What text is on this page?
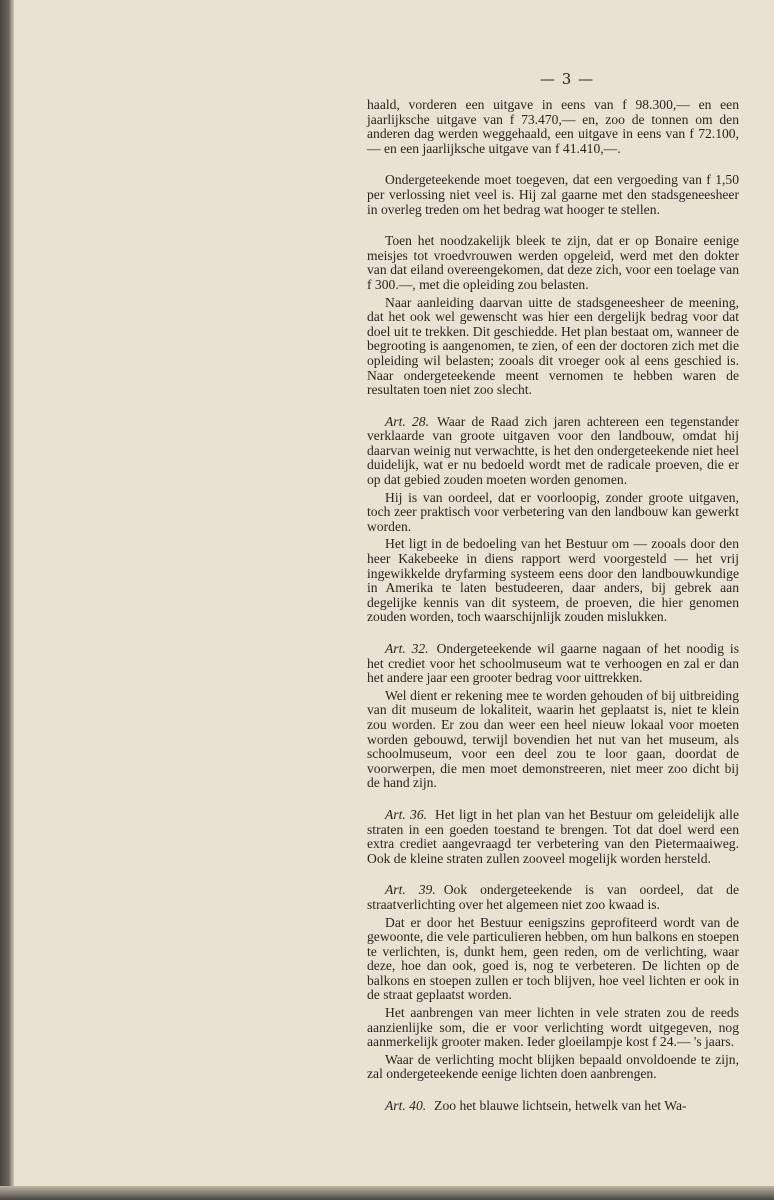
— 3 —

haald, vorderen een uitgave in eens van f 98.300,— en een jaarlijksche uitgave van f 73.470,— en, zoo de tonnen om den anderen dag werden weggehaald, een uitgave in eens van f 72.100,— en een jaarlijksche uitgave van f 41.410,—.

Ondergeteekende moet toegeven, dat een vergoeding van f 1,50 per verlossing niet veel is. Hij zal gaarne met den stadsgeneesheer in overleg treden om het bedrag wat hooger te stellen.

Toen het noodzakelijk bleek te zijn, dat er op Bonaire eenige meisjes tot vroedvrouwen werden opgeleid, werd met den dokter van dat eiland overeengekomen, dat deze zich, voor een toelage van f 300.—, met die opleiding zou belasten.

Naar aanleiding daarvan uitte de stadsgeneesheer de meening, dat het ook wel gewenscht was hier een dergelijk bedrag voor dat doel uit te trekken. Dit geschiedde. Het plan bestaat om, wanneer de begrooting is aangenomen, te zien, of een der doctoren zich met die opleiding wil belasten; zooals dit vroeger ook al eens geschied is. Naar ondergeteekende meent vernomen te hebben waren de resultaten toen niet zoo slecht.

Art. 28. Waar de Raad zich jaren achtereen een tegenstander verklaarde van groote uitgaven voor den landbouw, omdat hij daarvan weinig nut verwachtte, is het den ondergeteekende niet heel duidelijk, wat er nu bedoeld wordt met de radicale proeven, die er op dat gebied zouden moeten worden genomen.

Hij is van oordeel, dat er voorloopig, zonder groote uitgaven, toch zeer praktisch voor verbetering van den landbouw kan gewerkt worden.

Het ligt in de bedoeling van het Bestuur om — zooals door den heer Kakebeeke in diens rapport werd voorgesteld — het vrij ingewikkelde dryfarming systeem eens door den landbouwkundige in Amerika te laten bestudeeren, daar anders, bij gebrek aan degelijke kennis van dit systeem, de proeven, die hier genomen zouden worden, toch waarschijnlijk zouden mislukken.

Art. 32. Ondergeteekende wil gaarne nagaan of het noodig is het crediet voor het schoolmuseum wat te verhoogen en zal er dan het andere jaar een grooter bedrag voor uittrekken.

Wel dient er rekening mee te worden gehouden of bij uitbreiding van dit museum de lokaliteit, waarin het geplaatst is, niet te klein zou worden. Er zou dan weer een heel nieuw lokaal voor moeten worden gebouwd, terwijl bovendien het nut van het museum, als schoolmuseum, voor een deel zou te loor gaan, doordat de voorwerpen, die men moet demonstreeren, niet meer zoo dicht bij de hand zijn.

Art. 36. Het ligt in het plan van het Bestuur om geleidelijk alle straten in een goeden toestand te brengen. Tot dat doel werd een extra crediet aangevraagd ter verbetering van den Pietermaaiweg. Ook de kleine straten zullen zooveel mogelijk worden hersteld.

Art. 39. Ook ondergeteekende is van oordeel, dat de straatverlichting over het algemeen niet zoo kwaad is.

Dat er door het Bestuur eenigszins geprofiteerd wordt van de gewoonte, die vele particulieren hebben, om hun balkons en stoepen te verlichten, is, dunkt hem, geen reden, om de verlichting, waar deze, hoe dan ook, goed is, nog te verbeteren. De lichten op de balkons en stoepen zullen er toch blijven, hoe veel lichten er ook in de straat geplaatst worden.

Het aanbrengen van meer lichten in vele straten zou de reeds aanzienlijke som, die er voor verlichting wordt uitgegeven, nog aanmerkelijk grooter maken. Ieder gloeilampje kost f 24.— 's jaars.

Waar de verlichting mocht blijken bepaald onvoldoende te zijn, zal ondergeteekende eenige lichten doen aanbrengen.

Art. 40. Zoo het blauwe lichtsein, hetwelk van het Wa-
